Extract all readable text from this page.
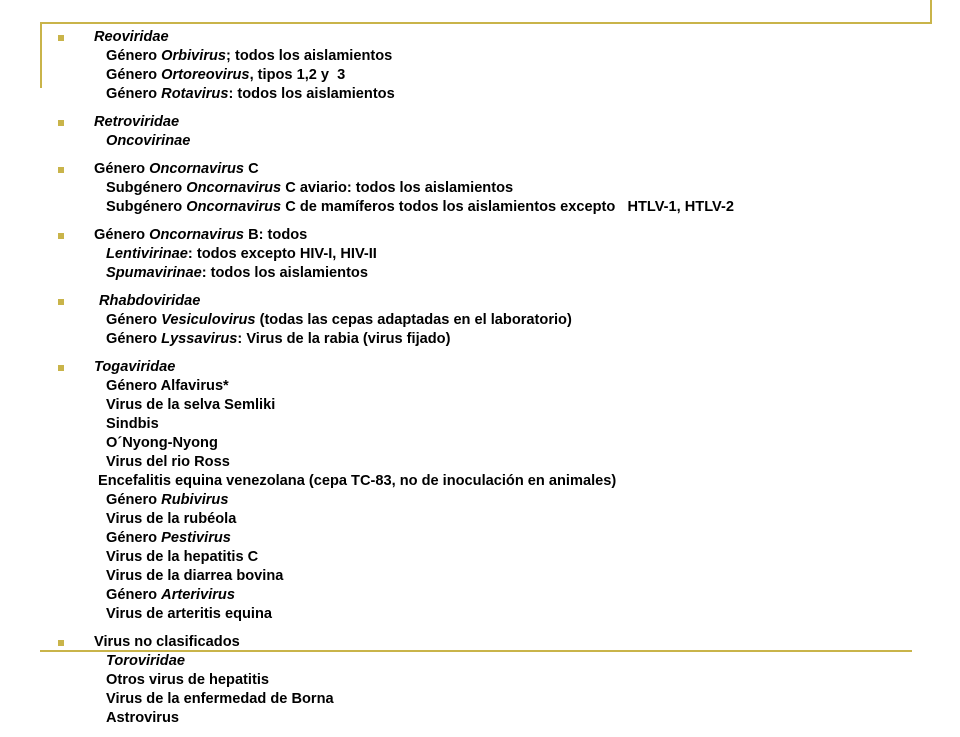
Reoviridae
Género Orbivirus; todos los aislamientos
Género Ortoreovirus, tipos 1,2 y  3
Género Rotavirus: todos los aislamientos
Retroviridae
Oncovirinae
Género Oncornavirus C
Subgénero Oncornavirus C aviario: todos los aislamientos
Subgénero Oncornavirus C de mamíferos todos los aislamientos excepto   HTLV-1, HTLV-2
Género Oncornavirus B: todos
Lentivirinae: todos excepto HIV-I, HIV-II
Spumavirinae: todos los aislamientos
Rhabdoviridae
Género Vesiculovirus (todas las cepas adaptadas en el laboratorio)
Género Lyssavirus: Virus de la rabia (virus fijado)
Togaviridae
Género Alfavirus*
Virus de la selva Semliki
Sindbis
O´Nyong-Nyong
Virus del rio Ross
Encefalitis equina venezolana (cepa TC-83, no de inoculación en animales)
Género Rubivirus
Virus de la rubéola
Género Pestivirus
Virus de la hepatitis C
Virus de la diarrea bovina
Género Arterivirus
Virus de arteritis equina
Virus no clasificados
Toroviridae
Otros virus de hepatitis
Virus de la enfermedad de Borna
Astrovirus
